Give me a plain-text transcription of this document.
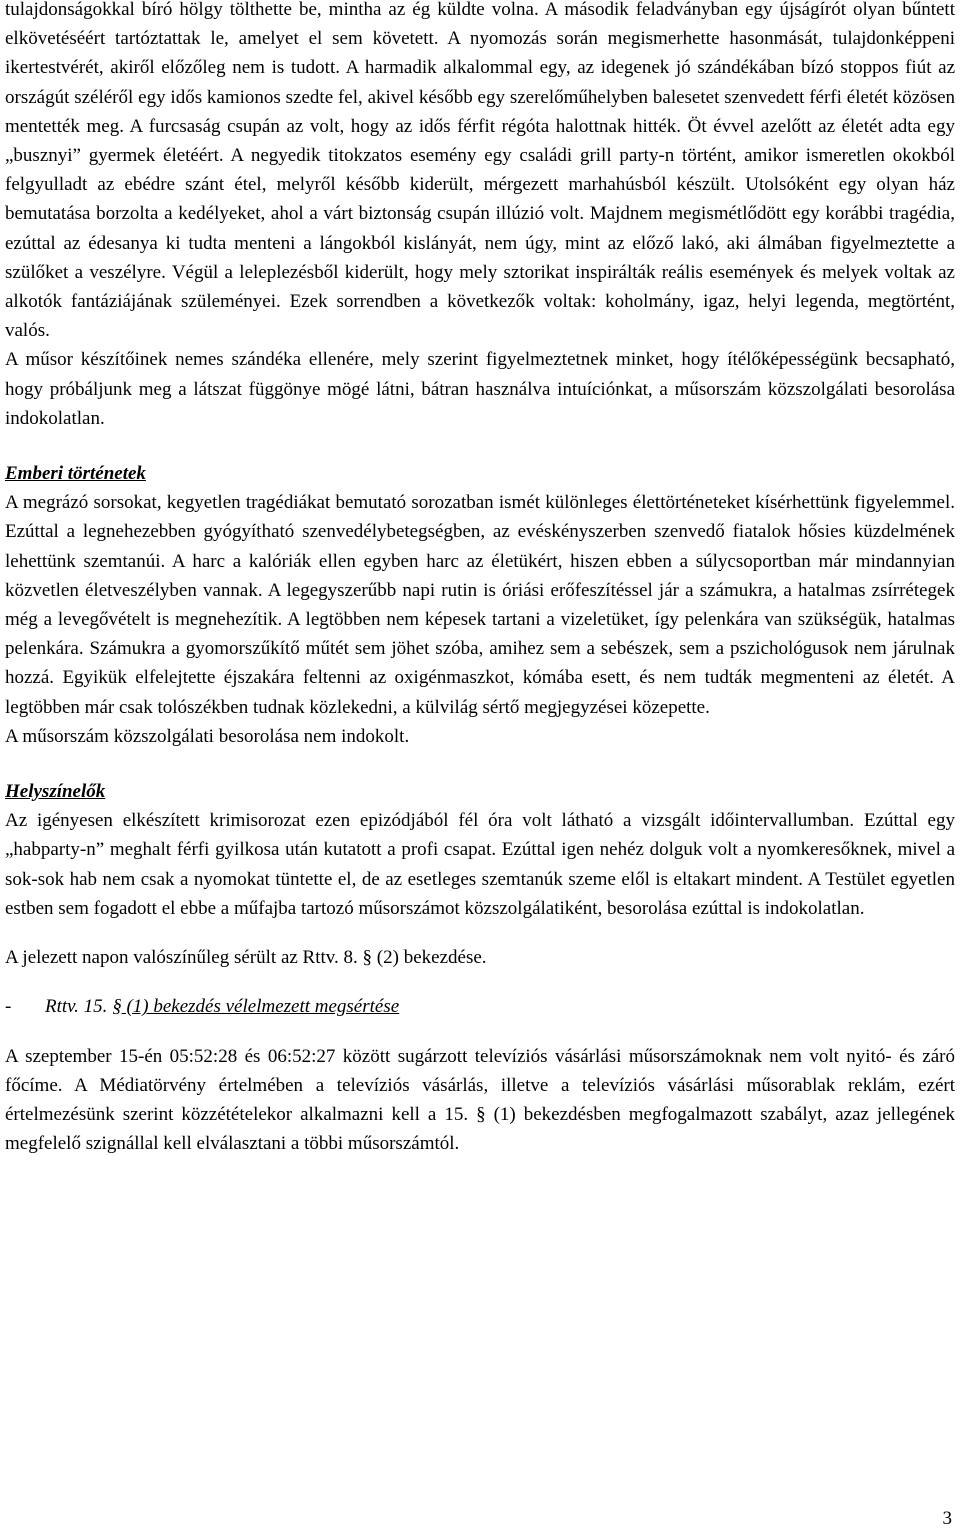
tulajdonságokkal bíró hölgy tölthette be, mintha az ég küldte volna. A második feladványban egy újságírót olyan bűntett elkövetéséért tartóztattak le, amelyet el sem követett. A nyomozás során megismerhette hasonmását, tulajdonképpeni ikertestvérét, akiről előzőleg nem is tudott. A harmadik alkalommal egy, az idegenek jó szándékában bízó stoppos fiút az országút széléről egy idős kamionos szedte fel, akivel később egy szerelőműhelyben balesetet szenvedett férfi életét közösen mentették meg. A furcsaság csupán az volt, hogy az idős férfit régóta halottnak hitték. Öt évvel azelőtt az életét adta egy „busznyi” gyermek életéért. A negyedik titokzatos esemény egy családi grill party-n történt, amikor ismeretlen okokból felgyulladt az ebédre szánt étel, melyről később kiderült, mérgezett marhahúsból készült. Utolsóként egy olyan ház bemutatása borzolta a kedélyeket, ahol a várt biztonság csupán illúzió volt. Majdnem megismétlődött egy korábbi tragédia, ezúttal az édesanya ki tudta menteni a lángokból kislányát, nem úgy, mint az előző lakó, aki álmában figyelmeztette a szülőket a veszélyre. Végül a leleplezésből kiderült, hogy mely sztorikat inspirálták reális események és melyek voltak az alkotók fantáziájának szüleményei. Ezek sorrendben a következők voltak: koholmány, igaz, helyi legenda, megtörtént, valós.

A műsor készítőinek nemes szándéka ellenére, mely szerint figyelmeztetnek minket, hogy ítélőképességünk becsapható, hogy próbáljunk meg a látszat függönye mögé látni, bátran használva intuíciónkat, a műsorszám közszolgálati besorolása indokolatlan.

Emberi történetek

A megrázó sorsokat, kegyetlen tragédiákat bemutató sorozatban ismét különleges élettörténeteket kísérhettünk figyelemmel. Ezúttal a legnehezebben gyógyítható szenvedélybetegségben, az evéskényszerben szenvedő fiatalok hősies küzdelmének lehettünk szemtanúi. A harc a kalóriák ellen egyben harc az életükért, hiszen ebben a súlycsoportban már mindannyian közvetlen életveszélyben vannak. A legegyszerűbb napi rutin is óriási erőfeszítéssel jár a számukra, a hatalmas zsírrétegek még a levegővételt is megnehezítik. A legtöbben nem képesek tartani a vizeletüket, így pelenkára van szükségük, hatalmas pelenkára. Számukra a gyomorszűkítő műtét sem jöhet szóba, amihez sem a sebészek, sem a pszichológusok nem járulnak hozzá. Egyikük elfelejtette éjszakára feltenni az oxigénmaszkot, kómába esett, és nem tudták megmenteni az életét. A legtöbben már csak tolószékben tudnak közlekedni, a külvilág sértő megjegyzései közepette.

A műsorszám közszolgálati besorolása nem indokolt.

Helyszínelők

Az igényesen elkészített krimisorozat ezen epizódjából fél óra volt látható a vizsgált időintervallumban. Ezúttal egy „habparty-n” meghalt férfi gyilkosa után kutatott a profi csapat. Ezúttal igen nehéz dolguk volt a nyomkeresőknek, mivel a sok-sok hab nem csak a nyomokat tüntette el, de az esetleges szemtanúk szeme elől is eltakart mindent. A Testület egyetlen estben sem fogadott el ebbe a műfajba tartozó műsorszámot közszolgálatiként, besorolása ezúttal is indokolatlan.

A jelezett napon valószínűleg sérült az Rttv. 8. § (2) bekezdése.

-	Rttv. 15. § (1) bekezdés vélelmezett megsértése

A szeptember 15-én 05:52:28 és 06:52:27 között sugárzott televíziós vásárlási műsorszámoknak nem volt nyitó- és záró főcíme. A Médiatörvény értelmében a televíziós vásárlás, illetve a televíziós vásárlási műsorablak reklám, ezért értelmezésünk szerint közzétételekor alkalmazni kell a 15. § (1) bekezdésben megfogalmazott szabályt, azaz jellegének megfelelő szignállal kell elválasztani a többi műsorszámtól.

3
